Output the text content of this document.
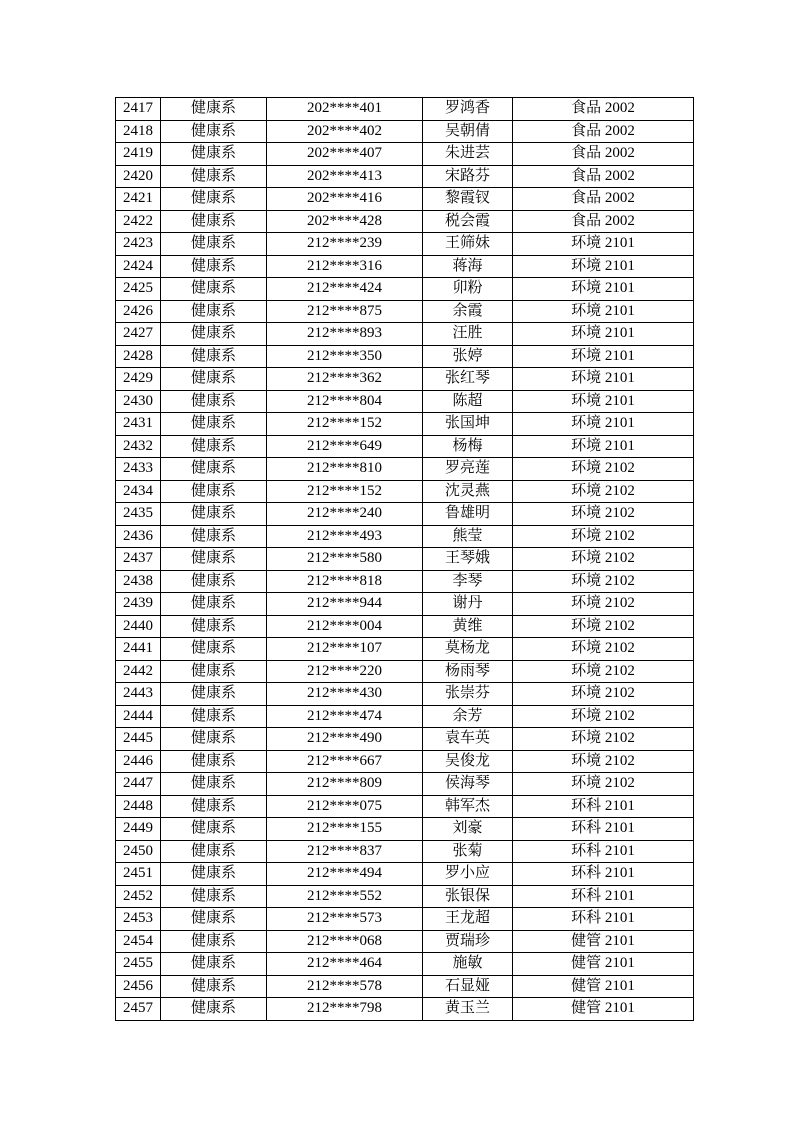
2417	健康系	202****401	罗鸿香	食品 2002
2418	健康系	202****402	吴朝倩	食品 2002
2419	健康系	202****407	朱进芸	食品 2002
2420	健康系	202****413	宋路芬	食品 2002
2421	健康系	202****416	黎霞钗	食品 2002
2422	健康系	202****428	税会霞	食品 2002
2423	健康系	212****239	王筛妹	环境 2101
2424	健康系	212****316	蒋海	环境 2101
2425	健康系	212****424	卯粉	环境 2101
2426	健康系	212****875	余霞	环境 2101
2427	健康系	212****893	汪胜	环境 2101
2428	健康系	212****350	张婷	环境 2101
2429	健康系	212****362	张红琴	环境 2101
2430	健康系	212****804	陈超	环境 2101
2431	健康系	212****152	张国坤	环境 2101
2432	健康系	212****649	杨梅	环境 2101
2433	健康系	212****810	罗亮莲	环境 2102
2434	健康系	212****152	沈灵燕	环境 2102
2435	健康系	212****240	鲁雄明	环境 2102
2436	健康系	212****493	熊莹	环境 2102
2437	健康系	212****580	王琴娥	环境 2102
2438	健康系	212****818	李琴	环境 2102
2439	健康系	212****944	谢丹	环境 2102
2440	健康系	212****004	黄维	环境 2102
2441	健康系	212****107	莫杨龙	环境 2102
2442	健康系	212****220	杨雨琴	环境 2102
2443	健康系	212****430	张崇芬	环境 2102
2444	健康系	212****474	余芳	环境 2102
2445	健康系	212****490	袁车英	环境 2102
2446	健康系	212****667	吴俊龙	环境 2102
2447	健康系	212****809	侯海琴	环境 2102
2448	健康系	212****075	韩军杰	环科 2101
2449	健康系	212****155	刘豪	环科 2101
2450	健康系	212****837	张菊	环科 2101
2451	健康系	212****494	罗小应	环科 2101
2452	健康系	212****552	张银保	环科 2101
2453	健康系	212****573	王龙超	环科 2101
2454	健康系	212****068	贾瑞珍	健管 2101
2455	健康系	212****464	施敏	健管 2101
2456	健康系	212****578	石显娅	健管 2101
2457	健康系	212****798	黄玉兰	健管 2101
